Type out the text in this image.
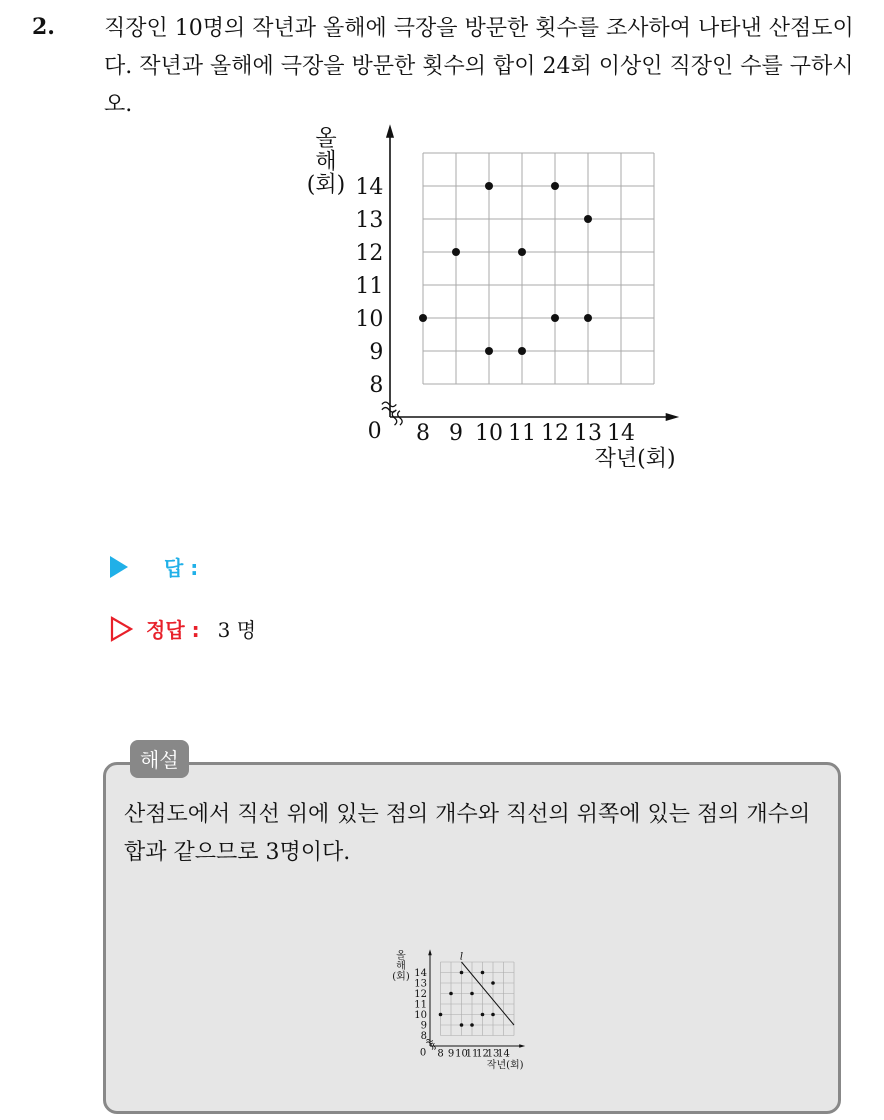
2. 직장인 10명의 작년과 올해에 극장을 방문한 횟수를 조사하여 나타낸 산점도이다. 작년과 올해에 극장을 방문한 횟수의 합이 24회 이상인 직장인 수를 구하시오.
8 9 10 11 12 13 14
8
9
10
11
12
13
14
0
작년(회)
올
해
(회)
답 :
정답 : 3 명
해설
산점도에서 직선 위에 있는 점의 개수와 직선의 위쪽에 있는 점의 개수의 합과 같으므로 3명이다.
8 9 10
11
12
13
14
8
9
10
11
12
13
14
0
작년(회)
올
해
(회)
l
